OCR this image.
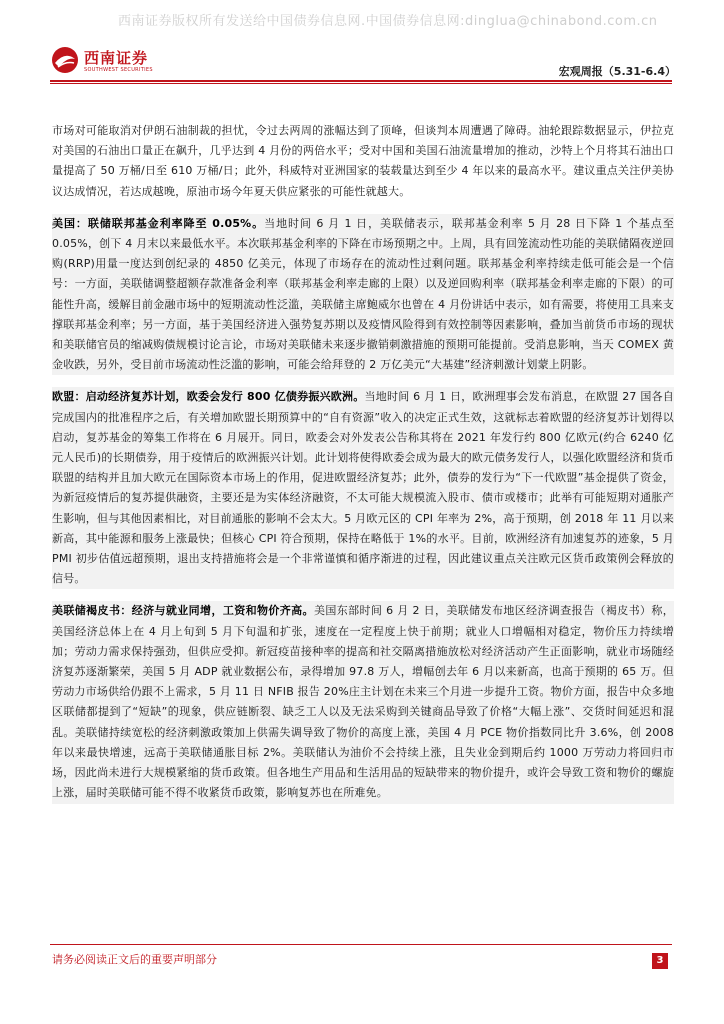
西南证券版权所有发送给中国债券信息网.中国债券信息网:dinglua@chinabond.com.cn
西南证券
SOUTHWEST SECURITIES	宏观周报（5.31-6.4）

市场对可能取消对伊朗石油制裁的担忧，令过去两周的涨幅达到了顶峰，但谈判本周遭遇了障碍。油轮跟踪数据显示，伊拉克对美国的石油出口量正在飙升，几乎达到 4 月份的两倍水平；受对中国和美国石油流量增加的推动，沙特上个月将其石油出口量提高了 50 万桶/日至 610 万桶/日；此外，科威特对亚洲国家的装载量达到至少 4 年以来的最高水平。建议重点关注伊美协议达成情况，若达成越晚，原油市场今年夏天供应紧张的可能性就越大。

美国：联储联邦基金利率降至 0.05%。当地时间 6 月 1 日，美联储表示，联邦基金利率 5 月 28 日下降 1 个基点至 0.05%，创下 4 月末以来最低水平。本次联邦基金利率的下降在市场预期之中。上周，具有回笼流动性功能的美联储隔夜逆回购(RRP)用量一度达到创纪录的 4850 亿美元，体现了市场存在的流动性过剩问题。联邦基金利率持续走低可能会是一个信号：一方面，美联储调整超额存款准备金利率（联邦基金利率走廊的上限）以及逆回购利率（联邦基金利率走廊的下限）的可能性升高，缓解目前金融市场中的短期流动性泛滥，美联储主席鲍威尔也曾在 4 月份讲话中表示，如有需要，将使用工具来支撑联邦基金利率；另一方面，基于美国经济进入强势复苏期以及疫情风险得到有效控制等因素影响，叠加当前货币市场的现状和美联储官员的缩减购债规模讨论言论，市场对美联储未来逐步撤销刺激措施的预期可能提前。受消息影响，当天 COMEX 黄金收跌，另外，受目前市场流动性泛滥的影响，可能会给拜登的 2 万亿美元“大基建”经济刺激计划蒙上阴影。

欧盟：启动经济复苏计划，欧委会发行 800 亿债券振兴欧洲。当地时间 6 月 1 日，欧洲理事会发布消息，在欧盟 27 国各自完成国内的批准程序之后，有关增加欧盟长期预算中的“自有资源”收入的决定正式生效，这就标志着欧盟的经济复苏计划得以启动，复苏基金的筹集工作将在 6 月展开。同日，欧委会对外发表公告称其将在 2021 年发行约 800 亿欧元(约合 6240 亿元人民币)的长期债券，用于疫情后的欧洲振兴计划。此计划将使得欧委会成为最大的欧元债务发行人，以强化欧盟经济和货币联盟的结构并且加大欧元在国际资本市场上的作用，促进欧盟经济复苏；此外，债券的发行为“下一代欧盟”基金提供了资金，为新冠疫情后的复苏提供融资，主要还是为实体经济融资，不太可能大规模流入股市、债市或楼市；此举有可能短期对通胀产生影响，但与其他因素相比，对目前通胀的影响不会太大。5 月欧元区的 CPI 年率为 2%，高于预期，创 2018 年 11 月以来新高，其中能源和服务上涨最快；但核心 CPI 符合预期，保持在略低于 1%的水平。目前，欧洲经济有加速复苏的迹象，5 月 PMI 初步估值远超预期，退出支持措施将会是一个非常谨慎和循序渐进的过程，因此建议重点关注欧元区货币政策例会释放的信号。

美联储褐皮书：经济与就业同增，工资和物价齐高。美国东部时间 6 月 2 日，美联储发布地区经济调查报告（褐皮书）称，美国经济总体上在 4 月上旬到 5 月下旬温和扩张，速度在一定程度上快于前期；就业人口增幅相对稳定，物价压力持续增加；劳动力需求保持强劲，但供应受抑。新冠疫苗接种率的提高和社交隔离措施放松对经济活动产生正面影响，就业市场随经济复苏逐渐繁荣，美国 5 月 ADP 就业数据公布，录得增加 97.8 万人，增幅创去年 6 月以来新高，也高于预期的 65 万。但劳动力市场供给仍跟不上需求，5 月 11 日 NFIB 报告 20%庄主计划在未来三个月进一步提升工资。物价方面，报告中众多地区联储都提到了“短缺”的现象，供应链断裂、缺乏工人以及无法采购到关键商品导致了价格“大幅上涨”、交货时间延迟和混乱。美联储持续宽松的经济刺激政策加上供需失调导致了物价的高度上涨，美国 4 月 PCE 物价指数同比升 3.6%，创 2008 年以来最快增速，远高于美联储通胀目标 2%。美联储认为油价不会持续上涨，且失业金到期后约 1000 万劳动力将回归市场，因此尚未进行大规模紧缩的货币政策。但各地生产用品和生活用品的短缺带来的物价提升，或许会导致工资和物价的螺旋上涨，届时美联储可能不得不收紧货币政策，影响复苏也在所难免。

请务必阅读正文后的重要声明部分	3
